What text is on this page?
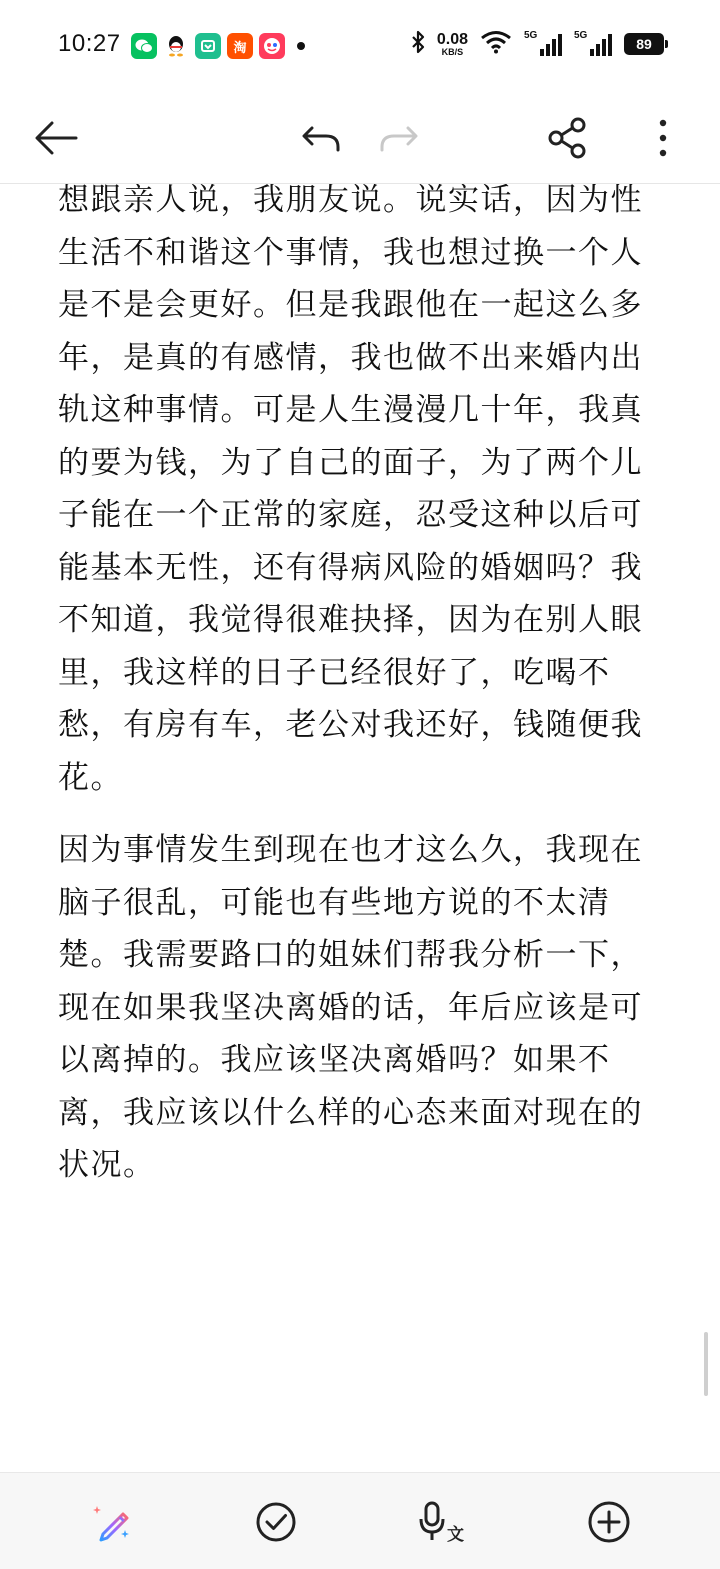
10:27	淘
0.08
KB/S
5G	5G
89

想跟亲人说，我朋友说。说实话，因为性生活不和谐这个事情，我也想过换一个人是不是会更好。但是我跟他在一起这么多年，是真的有感情，我也做不出来婚内出轨这种事情。可是人生漫漫几十年，我真的要为钱，为了自己的面子，为了两个儿子能在一个正常的家庭，忍受这种以后可能基本无性，还有得病风险的婚姻吗？我不知道，我觉得很难抉择，因为在别人眼里，我这样的日子已经很好了，吃喝不愁，有房有车，老公对我还好，钱随便我花。

因为事情发生到现在也才这么久，我现在脑子很乱，可能也有些地方说的不太清楚。我需要路口的姐妹们帮我分析一下，现在如果我坚决离婚的话，年后应该是可以离掉的。我应该坚决离婚吗？如果不离，我应该以什么样的心态来面对现在的状况。

文
